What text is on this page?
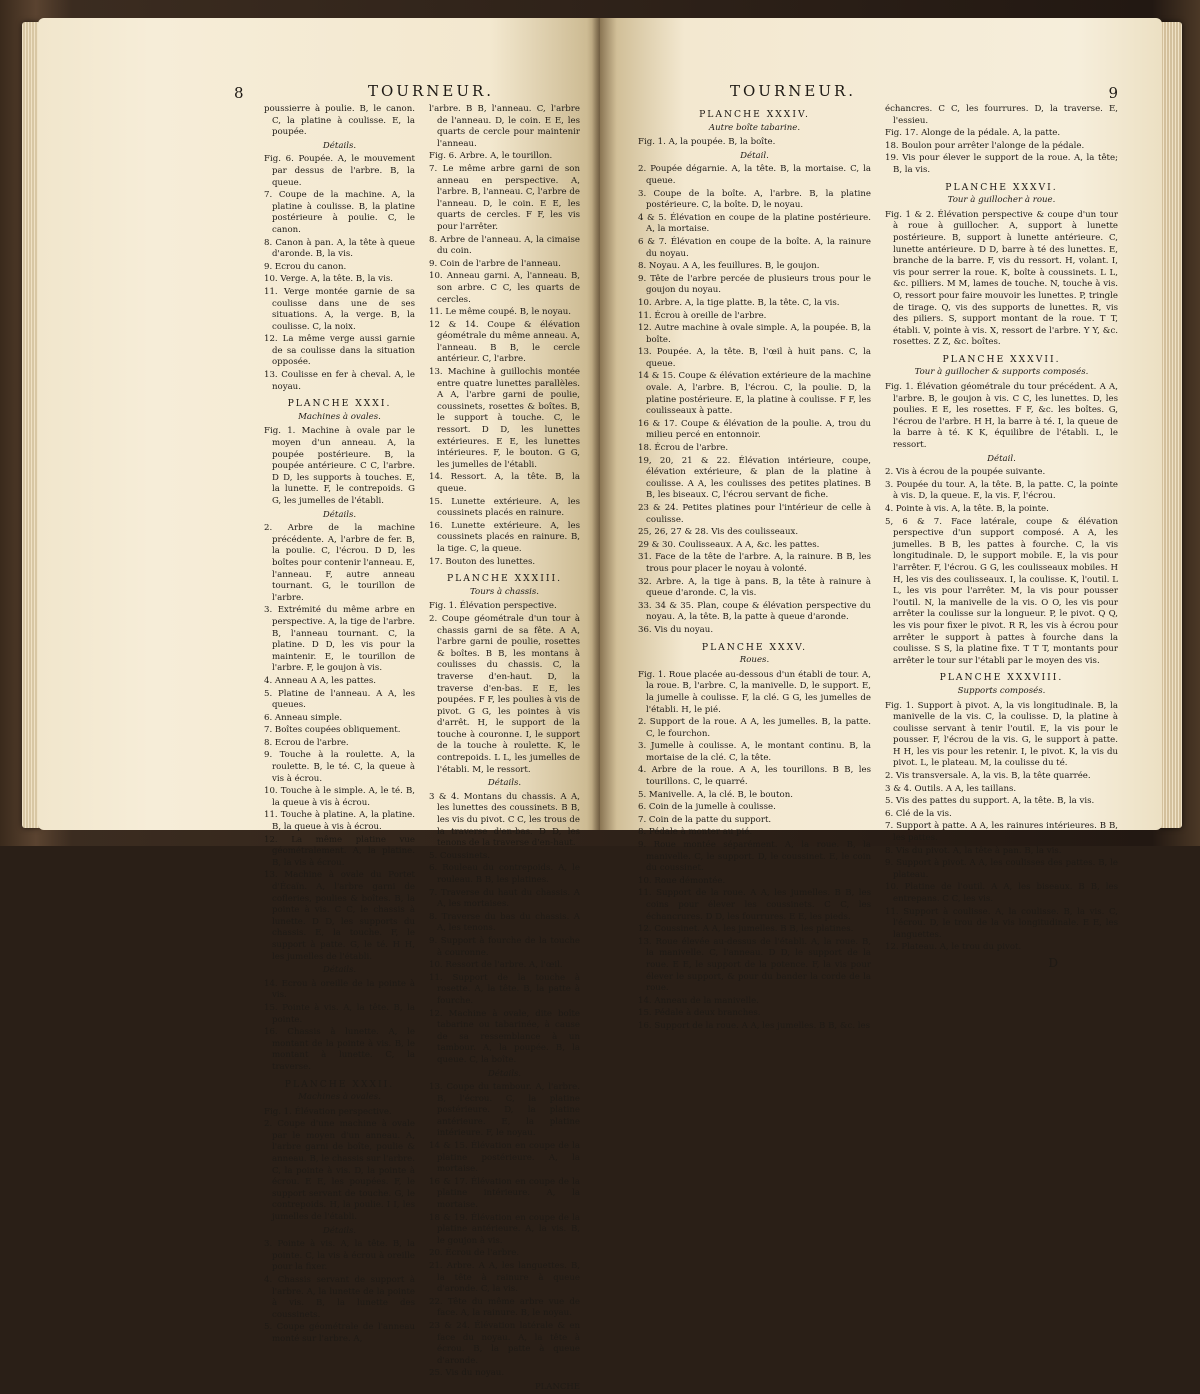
8	TOURNEUR.
poussierre à poulie. B, le canon. C, la platine à coulisse. E, la poupée.
Détails.
Fig. 6. Poupée. A, le mouvement par dessus de l'arbre. B, la queue.
7. Coupe de la machine. A, la platine à coulisse. B, la platine postérieure à poulie. C, le canon.
8. Canon à pan. A, la tête à queue d'aronde. B, la vis.
9. Ecrou du canon.
10. Verge. A, la tête. B, la vis.
11. Verge montée garnie de sa coulisse dans une de ses situations. A, la verge. B, la coulisse. C, la noix.
12. La même verge aussi garnie de sa coulisse dans la situation opposée.
13. Coulisse en fer à cheval. A, le noyau.
PLANCHE XXXI.
Machines à ovales.
Fig. 1. Machine à ovale par le moyen d'un anneau. A, la poupée postérieure. B, la poupée antérieure. C C, l'arbre. D D, les supports à touches. E, la lunette. F, le contrepoids. G G, les jumelles de l'établi.
Détails.
2. Arbre de la machine précédente. A, l'arbre de fer. B, la poulie. C, l'écrou. D D, les boîtes pour contenir l'anneau. E, l'anneau. F, autre anneau tournant. G, le tourillon de l'arbre.
3. Extrémité du même arbre en perspective. A, la tige de l'arbre. B, l'anneau tournant. C, la platine. D D, les vis pour la maintenir. E, le tourillon de l'arbre. F, le goujon à vis.
4. Anneau A A, les pattes.
5. Platine de l'anneau. A A, les queues.
6. Anneau simple.
7. Boîtes coupées obliquement.
8. Ecrou de l'arbre.
9. Touche à la roulette. A, la roulette. B, le té. C, la queue à vis à écrou.
10. Touche à le simple. A, le té. B, la queue à vis à écrou.
11. Touche à platine. A, la platine. B, la queue à vis à écrou.
12. La même platine vue géométralement. A, la platine. B, la vis à écrou.
13. Machine à ovale du Portet d'Écaïn. A, l'arbre garni de cofleries, poulies & boîtes. B, la pointe à vis. C C, le chassis à lunette. D D, les supports du chassis. E, la touche. F, le support à patte. G, le té. H H, les jumelles de l'établi.
Détails.
14. Ecrou à oreille de la pointe à vis.
15. Pointe à vis. A, la tête. B, la pointe.
16. Chassis à lunette. A, le montant de la pointe à vis. B, le montant à lunette. C, la traverse.
PLANCHE XXXII.
Machines à ovales.
Fig. 1. Élévation perspective.
2. Coupe d'une machine à ovale par le moyen d'un anneau. A, l'arbre garni de boîte, poulie & anneau. B, le chassis sur l'arbre. C, la pointe à vis. D, la pointe à écrou. E E, les poupées. F, le support servant de touche. G, le contrepoids. H, la poulie. I I, les jumelles de l'établi.
Détails.
3. Pointe à vis. A, la tête. B, la pointe. C, la vis à écrou à oreille pour la fixer.
4. Chassis servant de support à l'arbre. A, la lunette de la pointe à vis. B, la lunette des coussinets.
5. Coupe géométrale de l'anneau monté sur l'arbre. A,
l'arbre. B B, l'anneau. C, l'arbre de l'anneau. D, le coin. E E, les quarts de cercle pour maintenir l'anneau.
Fig. 6. Arbre. A, le tourillon.
7. Le même arbre garni de son anneau en perspective. A, l'arbre. B, l'anneau. C, l'arbre de l'anneau. D, le coin. E E, les quarts de cercles. F F, les vis pour l'arrêter.
8. Arbre de l'anneau. A, la cimaise du coin.
9. Coin de l'arbre de l'anneau.
10. Anneau garni. A, l'anneau. B, son arbre. C C, les quarts de cercles.
11. Le même coupé. B, le noyau.
12 & 14. Coupe & élévation géométrale du même anneau. A, l'anneau. B B, le cercle antérieur. C, l'arbre.
13. Machine à guillochis montée entre quatre lunettes parallèles. A A, l'arbre garni de poulie, coussinets, rosettes & boîtes. B, le support à touche. C, le ressort. D D, les lunettes extérieures. E E, les lunettes intérieures. F, le bouton. G G, les jumelles de l'établi.
14. Ressort. A, la tête. B, la queue.
15. Lunette extérieure. A, les coussinets placés en rainure.
16. Lunette extérieure. A, les coussinets placés en rainure. B, la tige. C, la queue.
17. Bouton des lunettes.
PLANCHE XXXIII.
Tours à chassis.
Fig. 1. Élévation perspective.
2. Coupe géométrale d'un tour à chassis garni de sa fête. A A, l'arbre garni de poulie, rosettes & boîtes. B B, les montans à coulisses du chassis. C, la traverse d'en-haut. D, la traverse d'en-bas. E E, les poupées. F F, les poulies à vis de pivot. G G, les pointes à vis d'arrêt. H, le support de la touche à couronne. I, le support de la touche à roulette. K, le contrepoids. L L, les jumelles de l'établi. M, le ressort.
Détails.
3 & 4. Montans du chassis. A A, les lunettes des coussinets. B B, les vis du pivot. C C, les trous de la traverse d'en-bas. D D, les tenons de la traverse d'en-haut.
5. Coussinets.
6. Rouleau du contrepoids. A, le rouleau. B B, les platines.
7. Traverse du haut du chassis. A A, les mortaises.
8. Traverse du bas du chassis. A A, les tenons.
9. Support à fourche de la touche à couronne.
10. Ressort de l'arbre. A, l'œil.
11. Support de la touche à rosette. A, la tête. B, la patte à fourche.
12. Machine à ovale, dite boîte tabarine ou tabarinée, à cause de sa ressemblance à un tambour. A, la poupée. B, la queue. C, la boîte.
Détails.
13. Coupe du tambour. A, l'arbre. B, l'écrou. C, la platine postérieure. D, la platine antérieure. E, la platine intérieure. F, le noyau.
14 & 15. Élévation en coupe de la platine postérieure. A, la mortaise.
16 & 17. Élévation en coupe de la platine intérieure. A, la mortaise.
18 & 19. Élévation en coupe de la platine antérieure. A, la vis. B, le goujon à vis.
20. Écrou de l'arbre.
21. Arbre. A A, les languettes. B, la tête à rainure à queue d'aronde. C, la vis.
22. Tête du même arbre vue de face. A, la rainure. B, le noyau.
23 & 24. Élévation latérale & en face du noyau. A, la tête à écrou. B, la patte à queue d'aronde.
25. Vis du noyau.
PLANCHE
TOURNEUR.	9
PLANCHE XXXIV.
Autre boîte tabarine.
Fig. 1. A, la poupée. B, la boîte.
Détail.
2. Poupée dégarnie. A, la tête. B, la mortaise. C, la queue.
3. Coupe de la boîte. A, l'arbre. B, la platine postérieure. C, la boîte. D, le noyau.
4 & 5. Élévation en coupe de la platine postérieure. A, la mortaise.
6 & 7. Élévation en coupe de la boîte. A, la rainure du noyau.
8. Noyau. A A, les feuillures. B, le goujon.
9. Tête de l'arbre percée de plusieurs trous pour le goujon du noyau.
10. Arbre. A, la tige platte. B, la tête. C, la vis.
11. Écrou à oreille de l'arbre.
12. Autre machine à ovale simple. A, la poupée. B, la boîte.
13. Poupée. A, la tête. B, l'œil à huit pans. C, la queue.
14 & 15. Coupe & élévation extérieure de la machine ovale. A, l'arbre. B, l'écrou. C, la poulie. D, la platine postérieure. E, la platine à coulisse. F F, les coulisseaux à patte.
16 & 17. Coupe & élévation de la poulie. A, trou du milieu percé en entonnoir.
18. Écrou de l'arbre.
19, 20, 21 & 22. Élévation intérieure, coupe, élévation extérieure, & plan de la platine à coulisse. A A, les coulisses des petites platines. B B, les biseaux. C, l'écrou servant de fiche.
23 & 24. Petites platines pour l'intérieur de celle à coulisse.
25, 26, 27 & 28. Vis des coulisseaux.
29 & 30. Coulisseaux. A A, &c. les pattes.
31. Face de la tête de l'arbre. A, la rainure. B B, les trous pour placer le noyau à volonté.
32. Arbre. A, la tige à pans. B, la tête à rainure à queue d'aronde. C, la vis.
33. 34 & 35. Plan, coupe & élévation perspective du noyau. A, la tête. B, la patte à queue d'aronde.
36. Vis du noyau.
PLANCHE XXXV.
Roues.
Fig. 1. Roue placée au-dessous d'un établi de tour. A, la roue. B, l'arbre. C, la manivelle. D, le support. E, la jumelle à coulisse. F, la clé. G G, les jumelles de l'établi. H, le pié.
2. Support de la roue. A A, les jumelles. B, la patte. C, le fourchon.
3. Jumelle à coulisse. A, le montant continu. B, la mortaise de la clé. C, la tête.
4. Arbre de la roue. A A, les tourillons. B B, les tourillons. C, le quarré.
5. Manivelle. A, la clé. B, le bouton.
6. Coin de la jumelle à coulisse.
7. Coin de la patte du support.
8. Pédale à monter au pié.
9. Roue montée séparément. A, la roue. B, la manivelle. C, le support. D, le coussinet. E, le coin du coussinet.
10. Roue démontée.
11. Support de la roue. A A, les jumelles. B B, les coins pour élever les coussinets. C C, les échancrures. D D, les fourrures. E E, les pieds.
12. Coussinet. A A, les jumelles. B B, les platines.
13. Roue élevée au-dessus de l'établi. A, la roue. B, la manivelle. C, l'anneau. D D, le support de la roue. E E, le support de la potence. F, la vis pour élever le support, & pour du bander la corde de la roue.
14. Anneau de la manivelle.
15. Pédale à deux branches.
16. Support de la roue. A A, les jumelles. B B, &c. les
échancres. C C, les fourrures. D, la traverse. E, l'essieu.
Fig. 17. Alonge de la pédale. A, la patte.
18. Boulon pour arrêter l'alonge de la pédale.
19. Vis pour élever le support de la roue. A, la tête; B, la vis.
PLANCHE XXXVI.
Tour à guillocher à roue.
Fig. 1 & 2. Élévation perspective & coupe d'un tour à roue à guillocher. A, support à lunette postérieure. B, support à lunette antérieure. C, lunette antérieure. D D, barre à té des lunettes. E, branche de la barre. F, vis du ressort. H, volant. I, vis pour serrer la roue. K, boîte à coussinets. L L, &c. pilliers. M M, lames de touche. N, touche à vis. O, ressort pour faire mouvoir les lunettes. P, tringle de tirage. Q, vis des supports de lunettes. R, vis des piliers. S, support montant de la roue. T T, établi. V, pointe à vis. X, ressort de l'arbre. Y Y, &c. rosettes. Z Z, &c. boîtes.
PLANCHE XXXVII.
Tour à guillocher & supports composés.
Fig. 1. Élévation géométrale du tour précédent. A A, l'arbre. B, le goujon à vis. C C, les lunettes. D, les poulies. E E, les rosettes. F F, &c. les boîtes. G, l'écrou de l'arbre. H H, la barre à té. I, la queue de la barre à té. K K, équilibre de l'établi. L, le ressort.
Détail.
2. Vis à écrou de la poupée suivante.
3. Poupée du tour. A, la tête. B, la patte. C, la pointe à vis. D, la queue. E, la vis. F, l'écrou.
4. Pointe à vis. A, la tête. B, la pointe.
5, 6 & 7. Face latérale, coupe & élévation perspective d'un support composé. A A, les jumelles. B B, les pattes à fourche. C, la vis longitudinale. D, le support mobile. E, la vis pour l'arrêter. F, l'écrou. G G, les coulisseaux mobiles. H H, les vis des coulisseaux. I, la coulisse. K, l'outil. L L, les vis pour l'arrêter. M, la vis pour pousser l'outil. N, la manivelle de la vis. O O, les vis pour arrêter la coulisse sur la longueur. P, le pivot. Q Q, les vis pour fixer le pivot. R R, les vis à écrou pour arrêter le support à pattes à fourche dans la coulisse. S S, la platine fixe. T T T, montants pour arrêter le tour sur l'établi par le moyen des vis.
PLANCHE XXXVIII.
Supports composés.
Fig. 1. Support à pivot. A, la vis longitudinale. B, la manivelle de la vis. C, la coulisse. D, la platine à coulisse servant à tenir l'outil. E, la vis pour le pousser. F, l'écrou de la vis. G, le support à patte. H H, les vis pour les retenir. I, le pivot. K, la vis du pivot. L, le plateau. M, la coulisse du té.
2. Vis transversale. A, la vis. B, la tête quarrée.
3 & 4. Outils. A A, les taillans.
5. Vis des pattes du support. A, la tête. B, la vis.
6. Clé de la vis.
7. Support à patte. A A, les rainures intérieures. B B, les pattes.
8. Vis du pivot. A, la tête à pan. B, la vis.
9. Support à pivot. A A, les coulisses des pattes. B, le plateau.
10. Platine de l'outil. A A, les biseaux. B B, les entrepans. C C, les vis.
11. Support à coulisse. A, la coulisse. B, la vis. C, l'écrou. D, le trou de la vis longitudinale. E E, les languettes.
12. Plateau. A, le trou du pivot.
D
